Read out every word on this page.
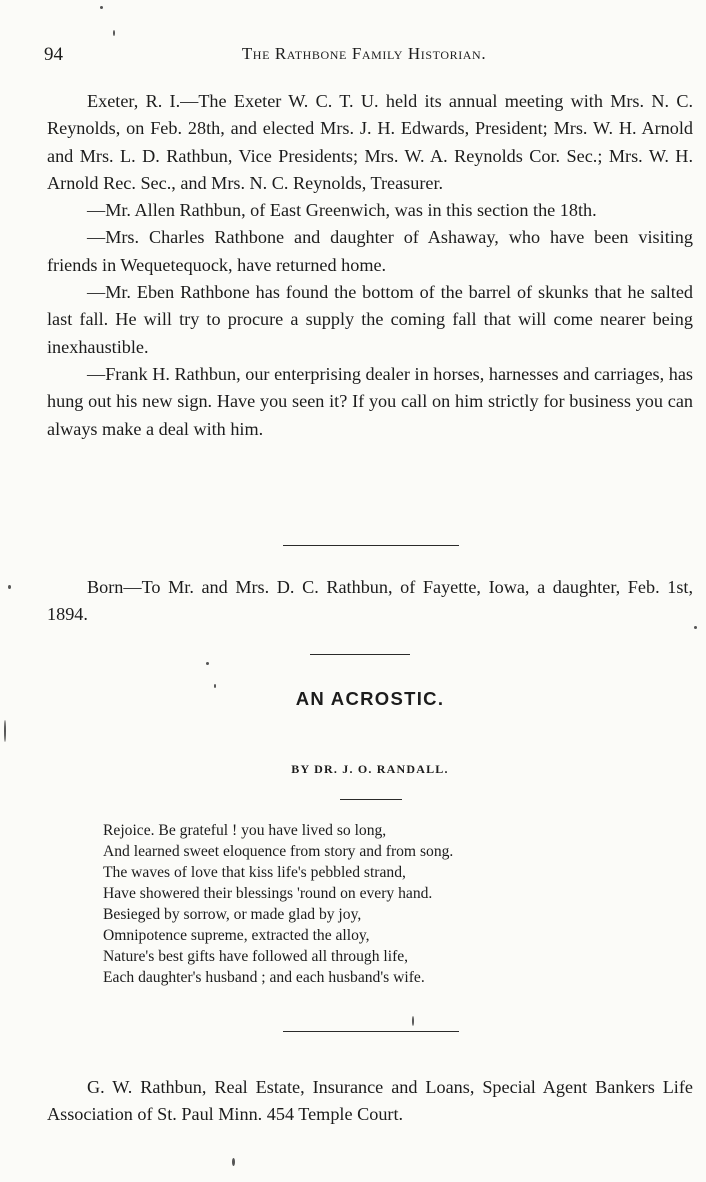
94	The Rathbone Family Historian.

Exeter, R. I.—The Exeter W. C. T. U. held its annual meeting with Mrs. N. C. Reynolds, on Feb. 28th, and elected Mrs. J. H. Edwards, President; Mrs. W. H. Arnold and Mrs. L. D. Rathbun, Vice Presidents; Mrs. W. A. Reynolds Cor. Sec.; Mrs. W. H. Arnold Rec. Sec., and Mrs. N. C. Reynolds, Treasurer.

—Mr. Allen Rathbun, of East Greenwich, was in this section the 18th.

—Mrs. Charles Rathbone and daughter of Ashaway, who have been visiting friends in Wequetequock, have returned home.

—Mr. Eben Rathbone has found the bottom of the barrel of skunks that he salted last fall. He will try to procure a supply the coming fall that will come nearer being inexhaustible.

—Frank H. Rathbun, our enterprising dealer in horses, harnesses and carriages, has hung out his new sign. Have you seen it? If you call on him strictly for business you can always make a deal with him.

Born—To Mr. and Mrs. D. C. Rathbun, of Fayette, Iowa, a daughter, Feb. 1st, 1894.

AN ACROSTIC.
BY DR. J. O. RANDALL.
Rejoice. Be grateful ! you have lived so long,
And learned sweet eloquence from story and from song.
The waves of love that kiss life's pebbled strand,
Have showered their blessings 'round on every hand.
Besieged by sorrow, or made glad by joy,
Omnipotence supreme, extracted the alloy,
Nature's best gifts have followed all through life,
Each daughter's husband ; and each husband's wife.

G. W. Rathbun, Real Estate, Insurance and Loans, Special Agent Bankers Life Association of St. Paul Minn. 454 Temple Court.
